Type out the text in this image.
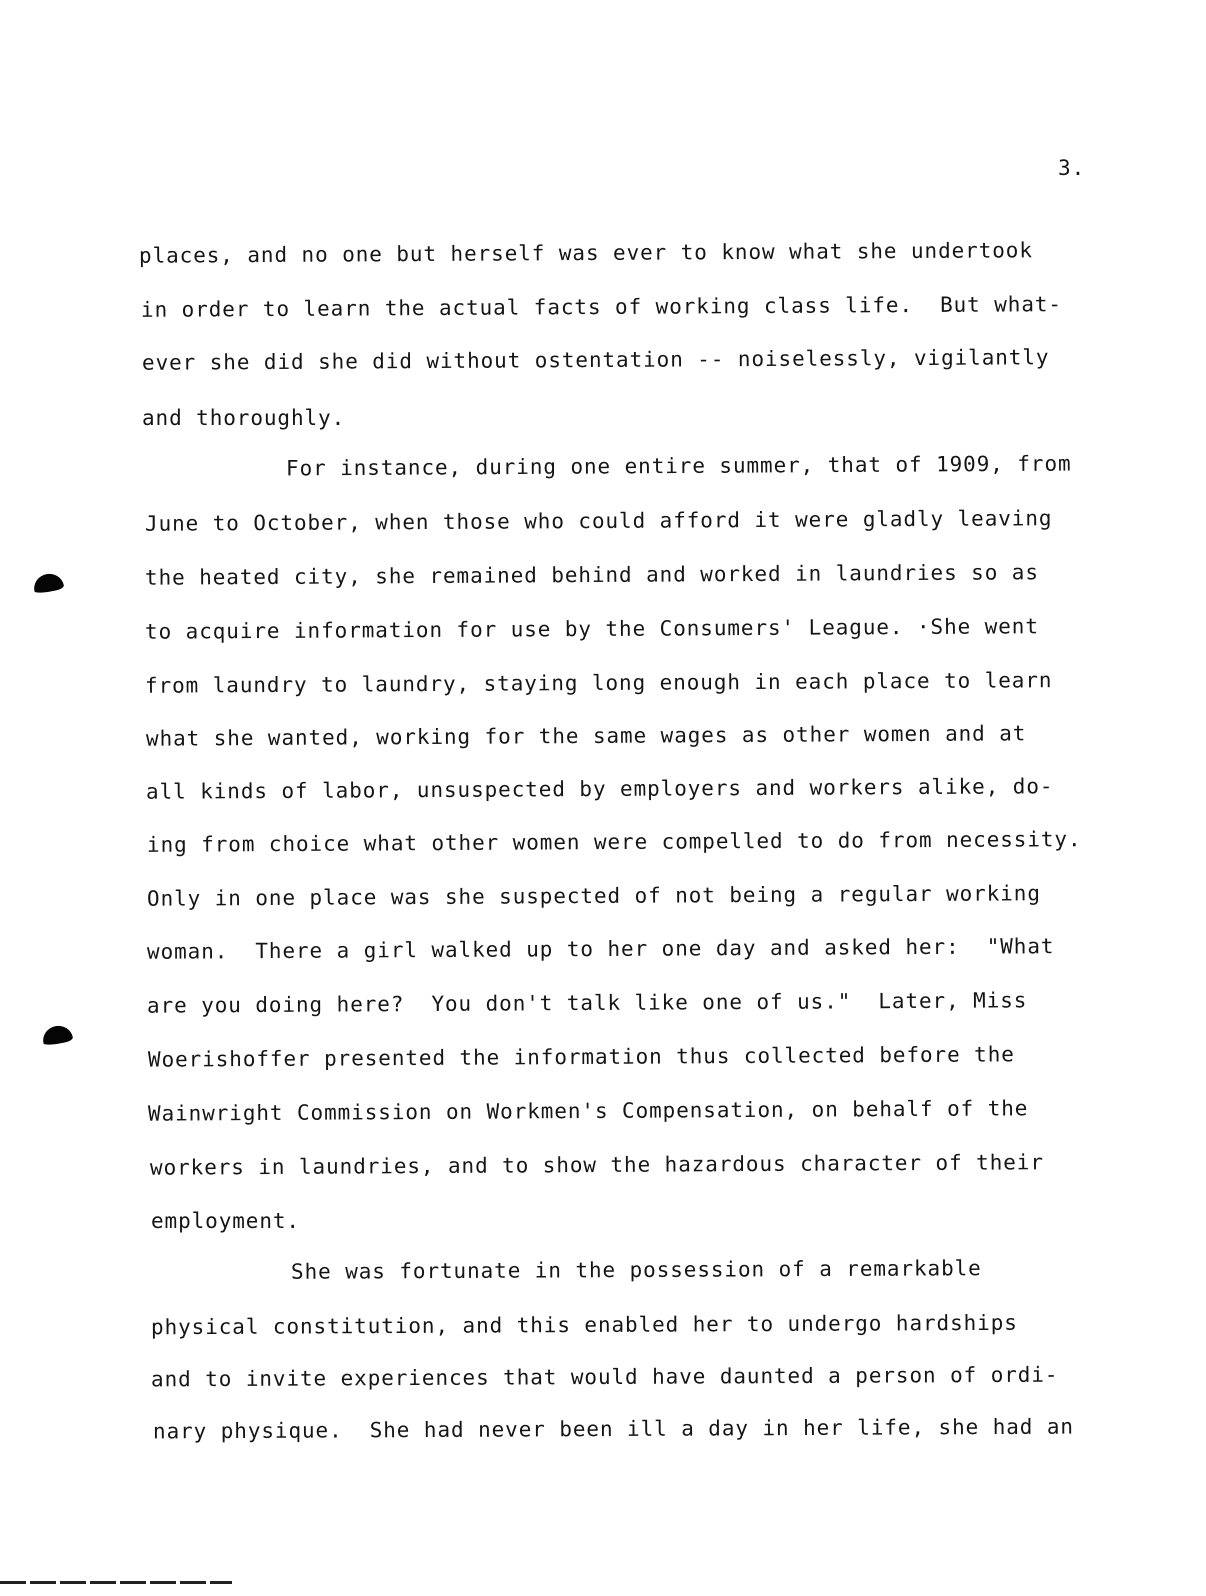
3.
places, and no one but herself was ever to know what she undertook
in order to learn the actual facts of working class life.  But what-
ever she did she did without ostentation -- noiselessly, vigilantly
and thoroughly.
For instance, during one entire summer, that of 1909, from
June to October, when those who could afford it were gladly leaving
the heated city, she remained behind and worked in laundries so as
to acquire information for use by the Consumers' League. ·She went
from laundry to laundry, staying long enough in each place to learn
what she wanted, working for the same wages as other women and at
all kinds of labor, unsuspected by employers and workers alike, do-
ing from choice what other women were compelled to do from necessity.
Only in one place was she suspected of not being a regular working
woman.  There a girl walked up to her one day and asked her:  "What
are you doing here?  You don't talk like one of us."  Later, Miss
Woerishoffer presented the information thus collected before the
Wainwright Commission on Workmen's Compensation, on behalf of the
workers in laundries, and to show the hazardous character of their
employment.
She was fortunate in the possession of a remarkable
physical constitution, and this enabled her to undergo hardships
and to invite experiences that would have daunted a person of ordi-
nary physique.  She had never been ill a day in her life, she had an
